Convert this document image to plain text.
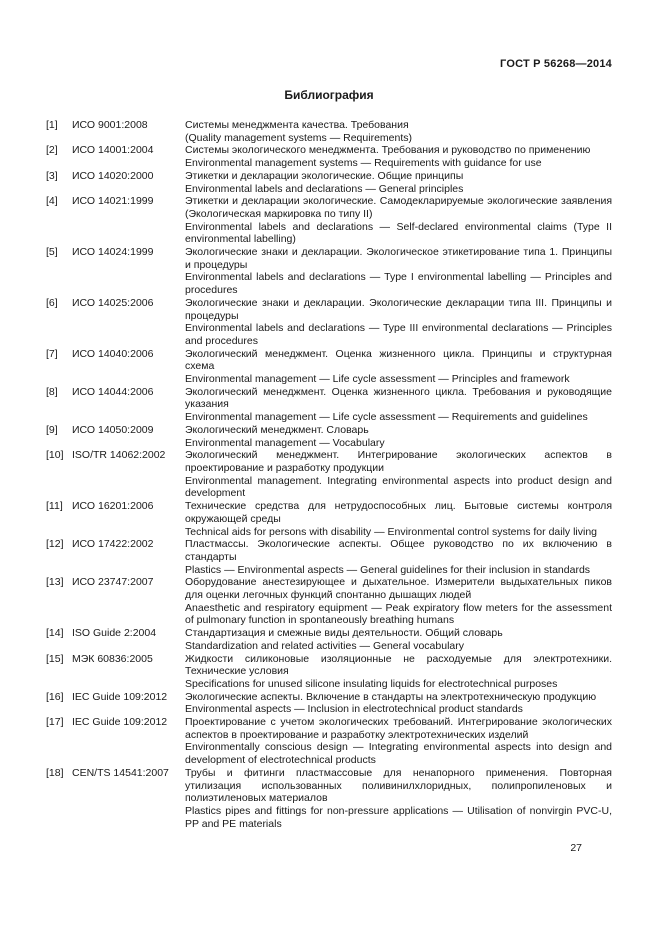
ГОСТ Р 56268—2014
Библиография
[1]	ИСО 9001:2008	Системы менеджмента качества. Требования

(Quality management systems — Requirements)

[2]	ИСО 14001:2004	Системы экологического менеджмента. Требования и руководство по применению

Environmental management systems — Requirements with guidance for use

[3]	ИСО 14020:2000	Этикетки и декларации экологические. Общие принципы

Environmental labels and declarations — General principles

[4]	ИСО 14021:1999	Этикетки и декларации экологические. Самодекларируемые экологические заявления (Экологическая маркировка по типу II)

Environmental labels and declarations — Self-declared environmental claims (Type II environmental labelling)

[5]	ИСО 14024:1999	Экологические знаки и декларации. Экологическое этикетирование типа 1. Принципы и процедуры

Environmental labels and declarations — Type I environmental labelling — Principles and procedures

[6]	ИСО 14025:2006	Экологические знаки и декларации. Экологические декларации типа III. Принципы и процедуры

Environmental labels and declarations — Type III environmental declarations — Principles and procedures

[7]	ИСО 14040:2006	Экологический менеджмент. Оценка жизненного цикла. Принципы и структурная схема

Environmental management — Life cycle assessment — Principles and framework

[8]	ИСО 14044:2006	Экологический менеджмент. Оценка жизненного цикла. Требования и руководящие указания

Environmental management — Life cycle assessment — Requirements and guidelines

[9]	ИСО 14050:2009	Экологический менеджмент. Словарь

Environmental management — Vocabulary

[10] ISO/TR 14062:2002	Экологический менеджмент. Интегрирование экологических аспектов в проектирование и разработку продукции

Environmental management. Integrating environmental aspects into product design and development

[11] ИСО 16201:2006	Технические средства для нетрудоспособных лиц. Бытовые системы контроля окружающей среды

Technical aids for persons with disability — Environmental control systems for daily living

[12] ИСО 17422:2002	Пластмассы. Экологические аспекты. Общее руководство по их включению в стандарты

Plastics — Environmental aspects — General guidelines for their inclusion in standards

[13] ИСО 23747:2007	Оборудование анестезирующее и дыхательное. Измерители выдыхательных пиков для оценки легочных функций спонтанно дышащих людей

Anaesthetic and respiratory equipment — Peak expiratory flow meters for the assessment of pulmonary function in spontaneously breathing humans

[14] ISO Guide 2:2004	Стандартизация и смежные виды деятельности. Общий словарь

Standardization and related activities — General vocabulary

[15] МЭК 60836:2005	Жидкости силиконовые изоляционные не расходуемые для электротехники. Технические условия

Specifications for unused silicone insulating liquids for electrotechnical purposes

[16] IEC Guide 109:2012	Экологические аспекты. Включение в стандарты на электротехническую продукцию

Environmental aspects — Inclusion in electrotechnical product standards

[17] IEC Guide 109:2012	Проектирование с учетом экологических требований. Интегрирование экологических аспектов в проектирование и разработку электротехнических изделий

Environmentally conscious design — Integrating environmental aspects into design and development of electrotechnical products

[18] CEN/TS 14541:2007	Трубы и фитинги пластмассовые для ненапорного применения. Повторная утилизация использованных поливинилхлоридных, полипропиленовых и полиэтиленовых материалов

Plastics pipes and fittings for non-pressure applications — Utilisation of nonvirgin PVC-U, PP and PE materials

27
